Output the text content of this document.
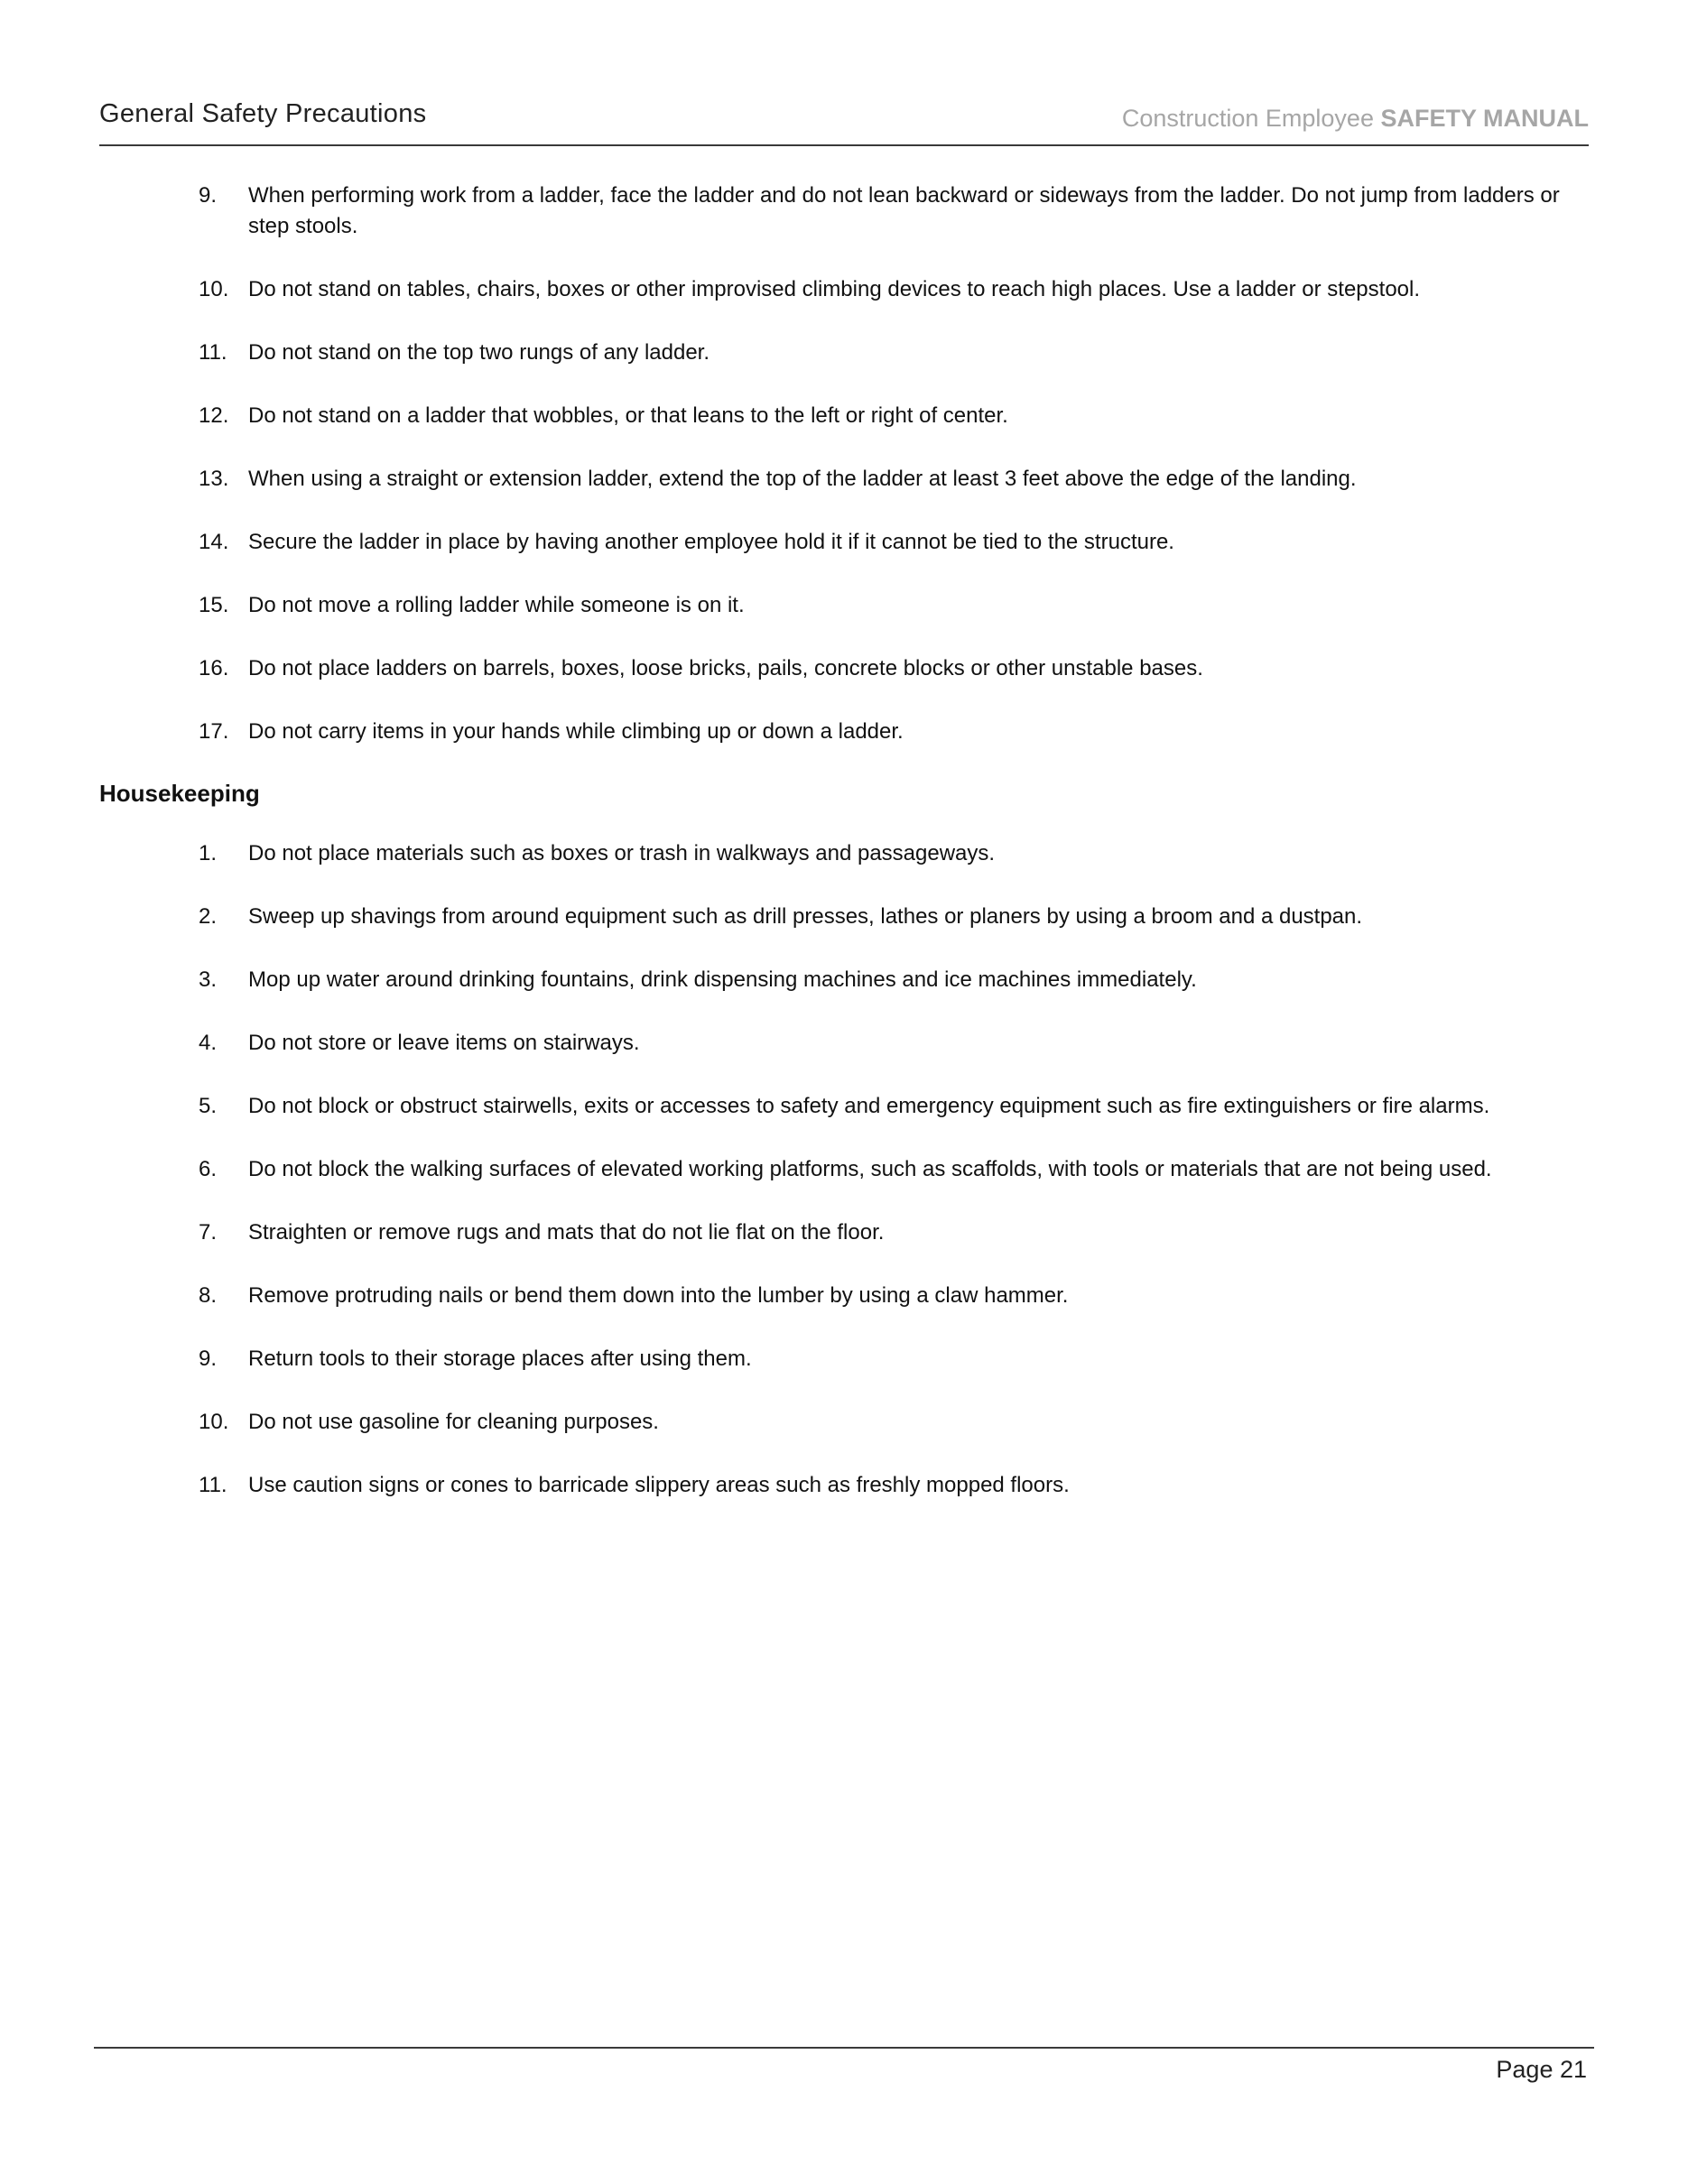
General Safety Precautions	Construction Employee SAFETY MANUAL
9.	When performing work from a ladder, face the ladder and do not lean backward or sideways from the ladder. Do not jump from ladders or step stools.
10. Do not stand on tables, chairs, boxes or other improvised climbing devices to reach high places. Use a ladder or stepstool.
11. Do not stand on the top two rungs of any ladder.
12. Do not stand on a ladder that wobbles, or that leans to the left or right of center.
13. When using a straight or extension ladder, extend the top of the ladder at least 3 feet above the edge of the landing.
14. Secure the ladder in place by having another employee hold it if it cannot be tied to the structure.
15. Do not move a rolling ladder while someone is on it.
16. Do not place ladders on barrels, boxes, loose bricks, pails, concrete blocks or other unstable bases.
17. Do not carry items in your hands while climbing up or down a ladder.
Housekeeping
1.	Do not place materials such as boxes or trash in walkways and passageways.
2.	Sweep up shavings from around equipment such as drill presses, lathes or planers by using a broom and a dustpan.
3.	Mop up water around drinking fountains, drink dispensing machines and ice machines immediately.
4.	Do not store or leave items on stairways.
5.	Do not block or obstruct stairwells, exits or accesses to safety and emergency equipment such as fire extinguishers or fire alarms.
6.	Do not block the walking surfaces of elevated working platforms, such as scaffolds, with tools or materials that are not being used.
7.	Straighten or remove rugs and mats that do not lie flat on the floor.
8.	Remove protruding nails or bend them down into the lumber by using a claw hammer.
9.	Return tools to their storage places after using them.
10. Do not use gasoline for cleaning purposes.
11. Use caution signs or cones to barricade slippery areas such as freshly mopped floors.
Page 21
